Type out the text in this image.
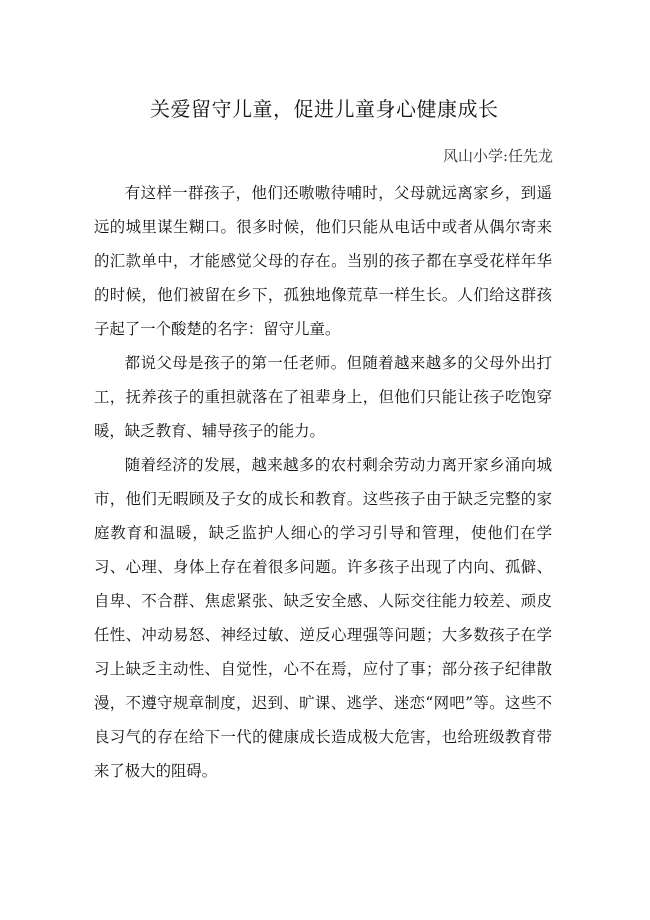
关爱留守儿童，促进儿童身心健康成长
风山小学:任先龙

有这样一群孩子，他们还嗷嗷待哺时，父母就远离家乡，到遥远的城里谋生糊口。很多时候，他们只能从电话中或者从偶尔寄来的汇款单中，才能感觉父母的存在。当别的孩子都在享受花样年华的时候，他们被留在乡下，孤独地像荒草一样生长。人们给这群孩子起了一个酸楚的名字：留守儿童。

都说父母是孩子的第一任老师。但随着越来越多的父母外出打工，抚养孩子的重担就落在了祖辈身上，但他们只能让孩子吃饱穿暖，缺乏教育、辅导孩子的能力。

随着经济的发展，越来越多的农村剩余劳动力离开家乡涌向城市，他们无暇顾及子女的成长和教育。这些孩子由于缺乏完整的家庭教育和温暖，缺乏监护人细心的学习引导和管理，使他们在学习、心理、身体上存在着很多问题。许多孩子出现了内向、孤僻、自卑、不合群、焦虑紧张、缺乏安全感、人际交往能力较差、顽皮任性、冲动易怒、神经过敏、逆反心理强等问题；大多数孩子在学习上缺乏主动性、自觉性，心不在焉，应付了事；部分孩子纪律散漫，不遵守规章制度，迟到、旷课、逃学、迷恋“网吧”等。这些不良习气的存在给下一代的健康成长造成极大危害，也给班级教育带来了极大的阻碍。
